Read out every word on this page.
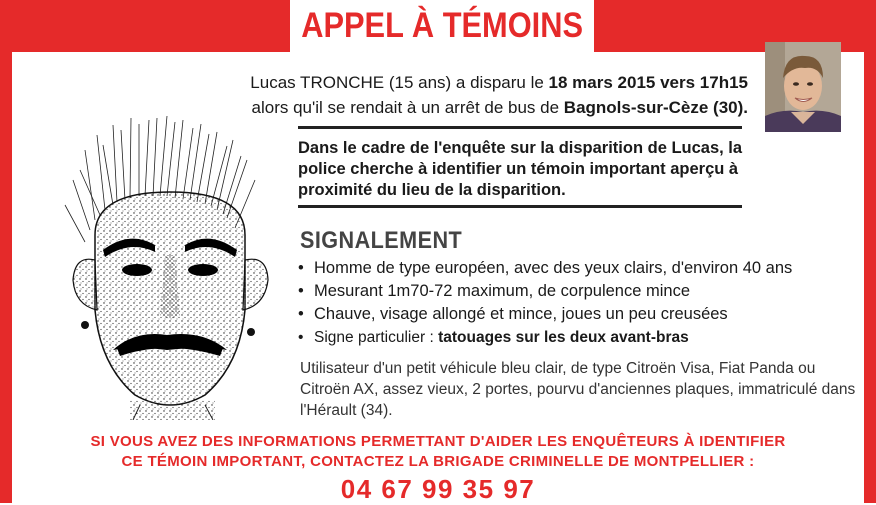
APPEL À TÉMOINS
Lucas TRONCHE (15 ans) a disparu le 18 mars 2015 vers 17h15
alors qu'il se rendait à un arrêt de bus de Bagnols-sur-Cèze (30).
Dans le cadre de l'enquête sur la disparition de Lucas, la police cherche à identifier un témoin important aperçu à proximité du lieu de la disparition.
SIGNALEMENT
• Homme de type européen, avec des yeux clairs, d'environ 40 ans
• Mesurant 1m70-72 maximum, de corpulence mince
• Chauve, visage allongé et mince, joues un peu creusées
• Signe particulier : tatouages sur les deux avant-bras
Utilisateur d'un petit véhicule bleu clair, de type Citroën Visa, Fiat Panda ou Citroën AX, assez vieux, 2 portes, pourvu d'anciennes plaques, immatriculé dans l'Hérault (34).
SI VOUS AVEZ DES INFORMATIONS PERMETTANT D'AIDER LES ENQUÊTEURS À IDENTIFIER
CE TÉMOIN IMPORTANT, CONTACTEZ LA BRIGADE CRIMINELLE DE MONTPELLIER :
04 67 99 35 97
